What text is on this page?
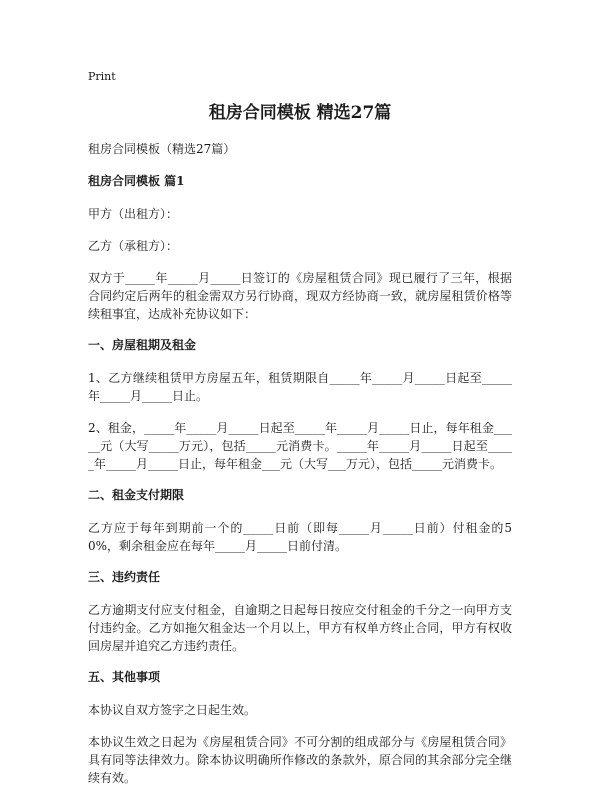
Print
租房合同模板 精选27篇
租房合同模板（精选27篇）
租房合同模板 篇1
甲方（出租方）：
乙方（承租方）：
双方于_____年_____月_____日签订的《房屋租赁合同》现已履行了三年，根据合同约定后两年的租金需双方另行协商，现双方经协商一致，就房屋租赁价格等续租事宜，达成补充协议如下：
一、房屋租期及租金
1、乙方继续租赁甲方房屋五年，租赁期限自_____年_____月_____日起至_____年_____月_____日止。
2、租金，_____年_____月_____日起至_____年_____月_____日止，每年租金_____元（大写_____万元），包括_____元消费卡。_____年_____月_____日起至_____年_____月_____日止，每年租金___元（大写___万元），包括_____元消费卡。
二、租金支付期限
乙方应于每年到期前一个的_____日前（即每_____月_____日前）付租金的50%，剩余租金应在每年_____月_____日前付清。
三、违约责任
乙方逾期支付应支付租金，自逾期之日起每日按应交付租金的千分之一向甲方支付违约金。乙方如拖欠租金达一个月以上，甲方有权单方终止合同，甲方有权收回房屋并追究乙方违约责任。
五、其他事项
本协议自双方签字之日起生效。
本协议生效之日起为《房屋租赁合同》不可分割的组成部分与《房屋租赁合同》具有同等法律效力。除本协议明确所作修改的条款外，原合同的其余部分完全继续有效。
